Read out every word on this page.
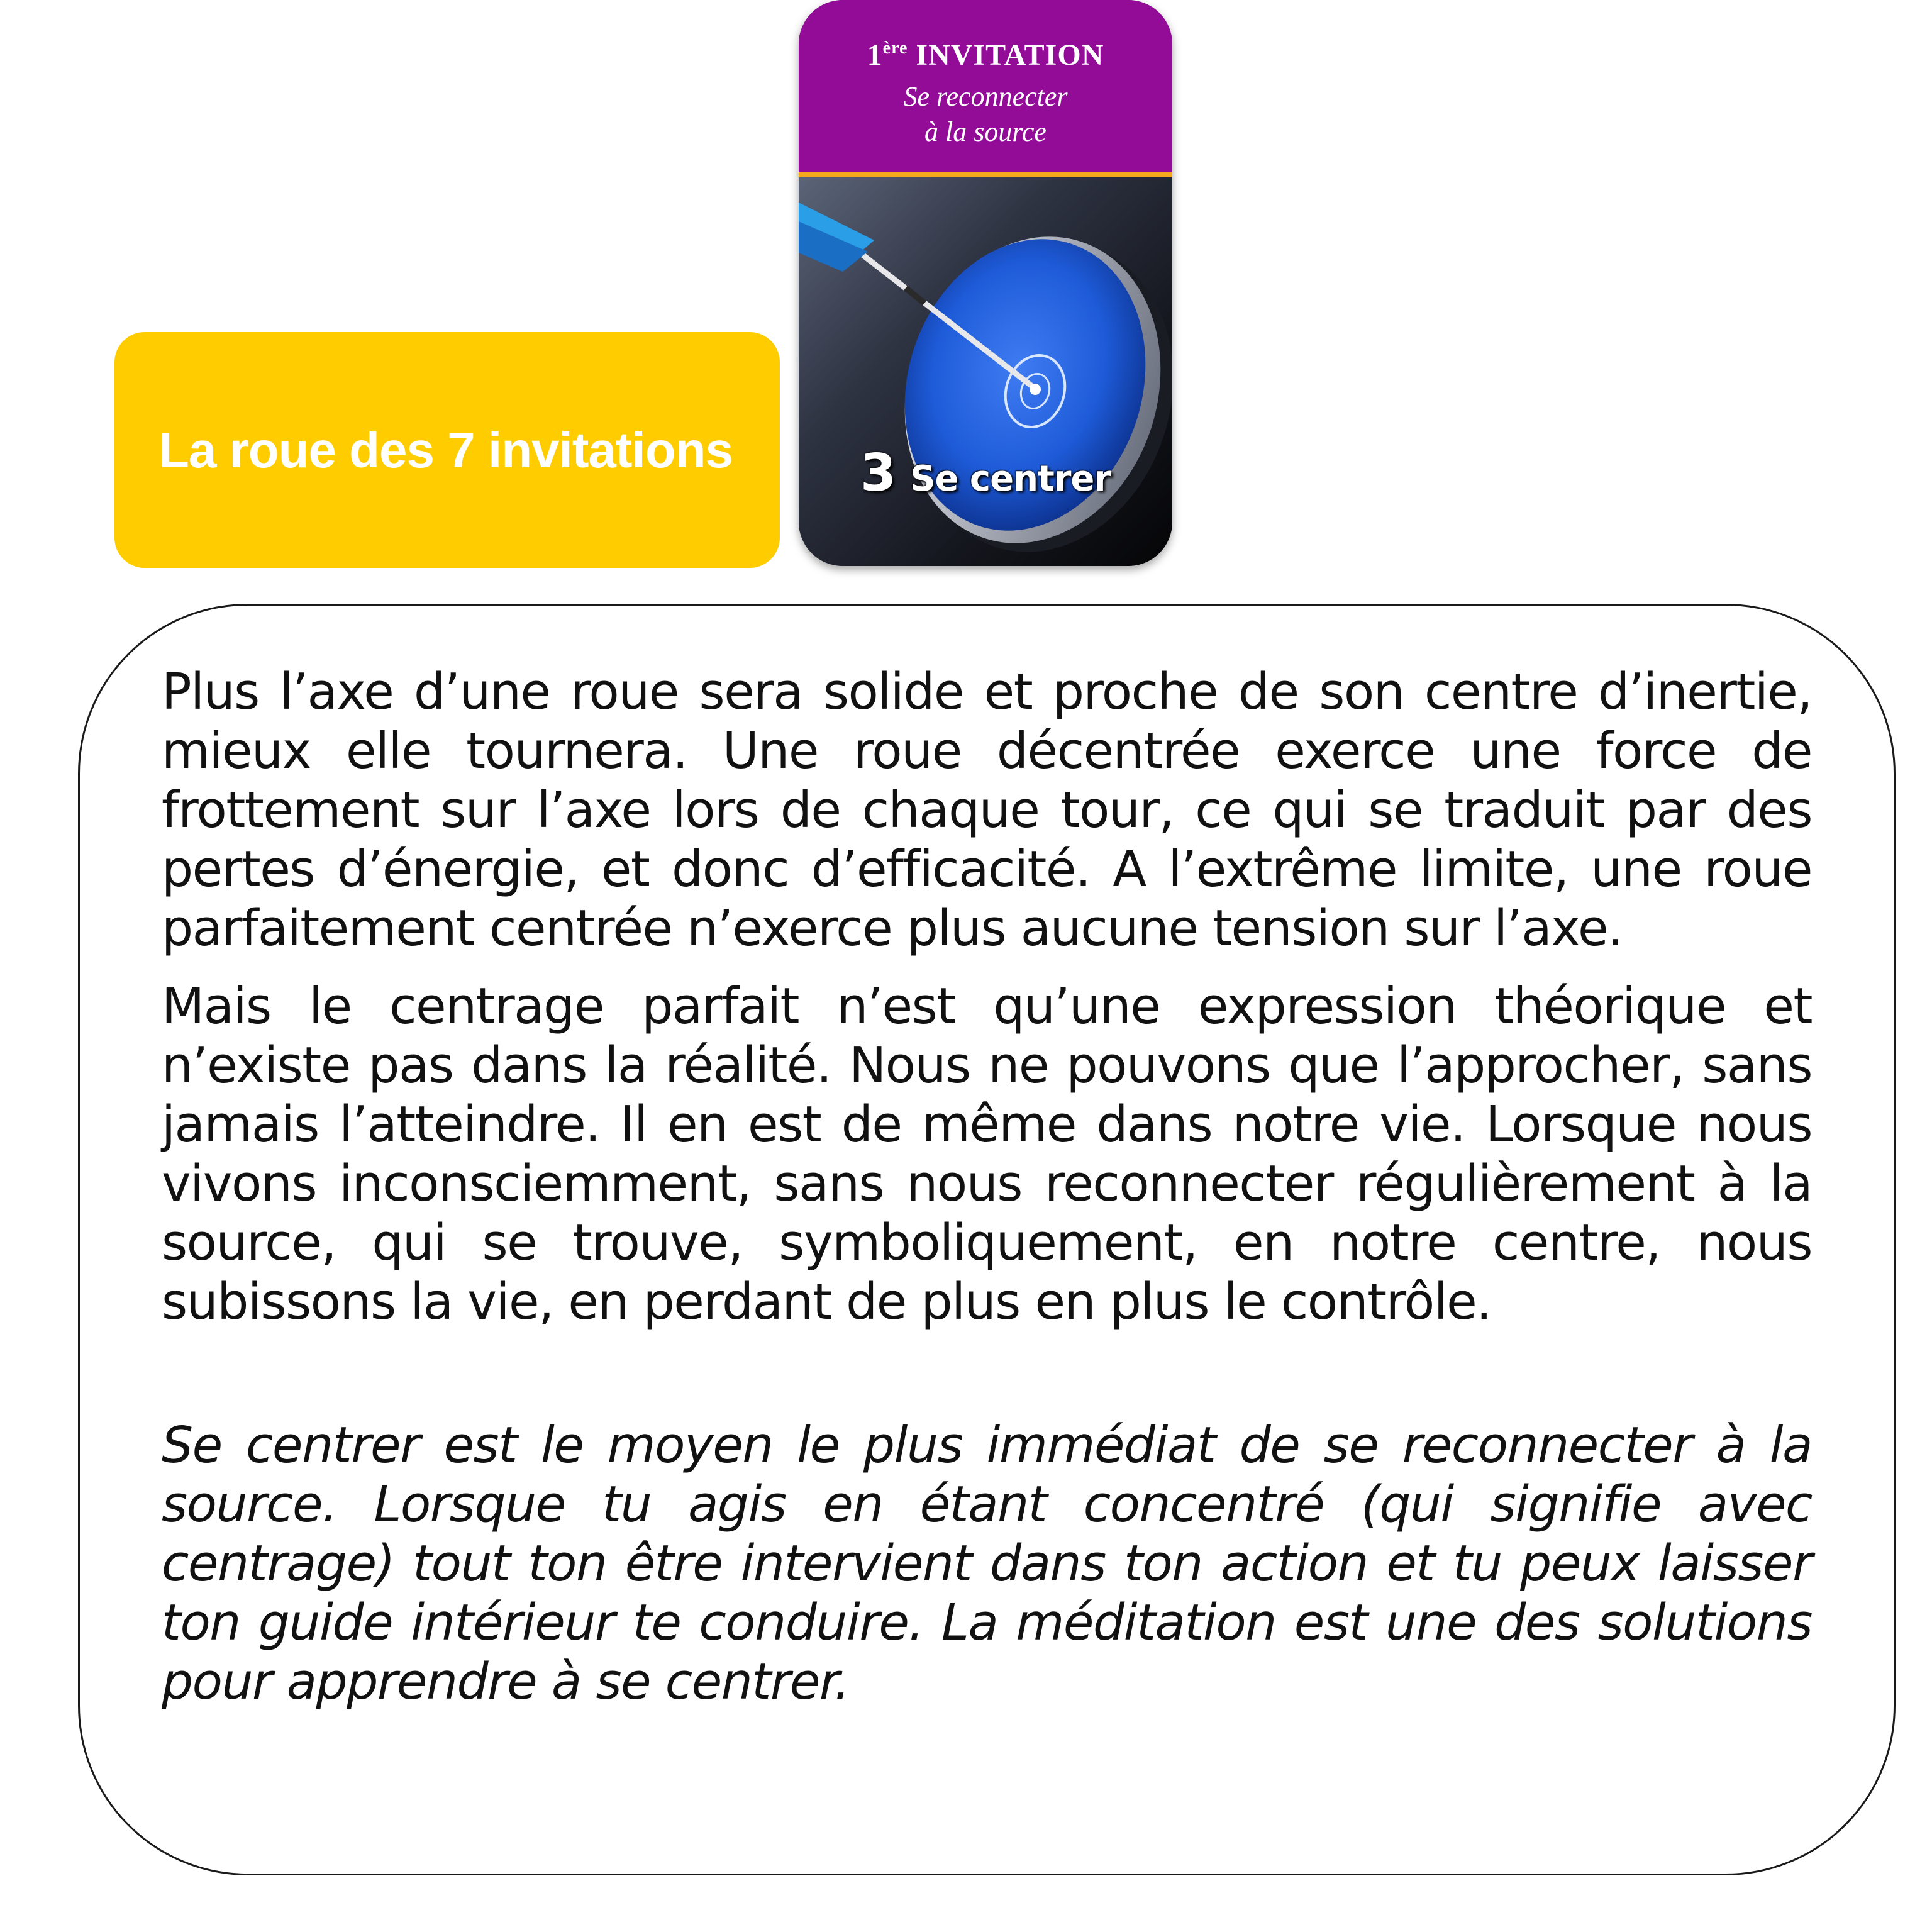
La roue des 7 invitations
1ère INVITATION
Se reconnecter
à la source
3 Se centrer

Plus l’axe d’une roue sera solide et proche de son centre d’inertie, mieux elle tournera. Une roue décentrée exerce une force de frottement sur l’axe lors de chaque tour, ce qui se traduit par des pertes d’énergie, et donc d’efficacité. A l’extrême limite, une roue parfaitement centrée n’exerce plus aucune tension sur l’axe.

Mais le centrage parfait n’est qu’une expression théorique et n’existe pas dans la réalité. Nous ne pouvons que l’approcher, sans jamais l’atteindre. Il en est de même dans notre vie. Lorsque nous vivons inconsciemment, sans nous reconnecter régulièrement à la source, qui se trouve, symboliquement, en notre centre, nous subissons la vie, en perdant de plus en plus le contrôle.

Se centrer est le moyen le plus immédiat de se reconnecter à la source. Lorsque tu agis en étant concentré (qui signifie avec centrage) tout ton être intervient dans ton action et tu peux laisser ton guide intérieur te conduire. La méditation est une des solutions pour apprendre à se centrer.
